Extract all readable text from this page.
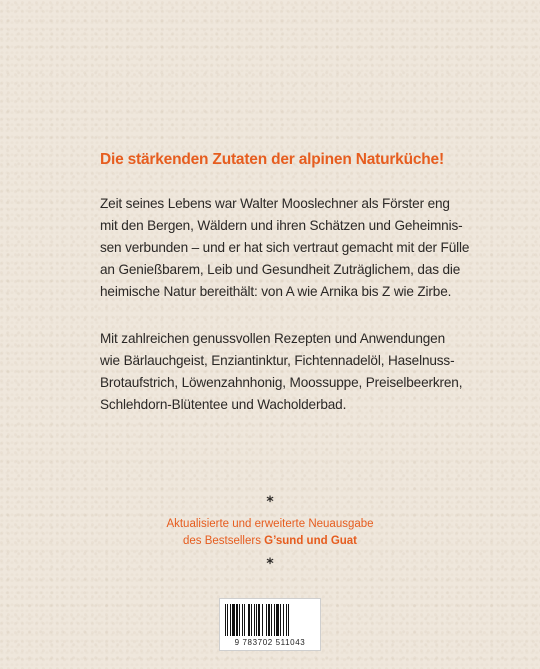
Die stärkenden Zutaten der alpinen Naturküche!
Zeit seines Lebens war Walter Mooslechner als Förster eng
mit den Bergen, Wäldern und ihren Schätzen und Geheimnis-
sen verbunden – und er hat sich vertraut gemacht mit der Fülle
an Genießbarem, Leib und Gesundheit Zuträglichem, das die
heimische Natur bereithält: von A wie Arnika bis Z wie Zirbe.
Mit zahlreichen genussvollen Rezepten und Anwendungen
wie Bärlauchgeist, Enziantinktur, Fichtennadelöl, Haselnuss-
Brotaufstrich, Löwenzahnhonig, Moossuppe, Preiselbeerkren,
Schlehdorn-Blütentee und Wacholderbad.
*
Aktualisierte und erweiterte Neuausgabe
des Bestsellers G’sund und Guat
*
9 783702 511043
